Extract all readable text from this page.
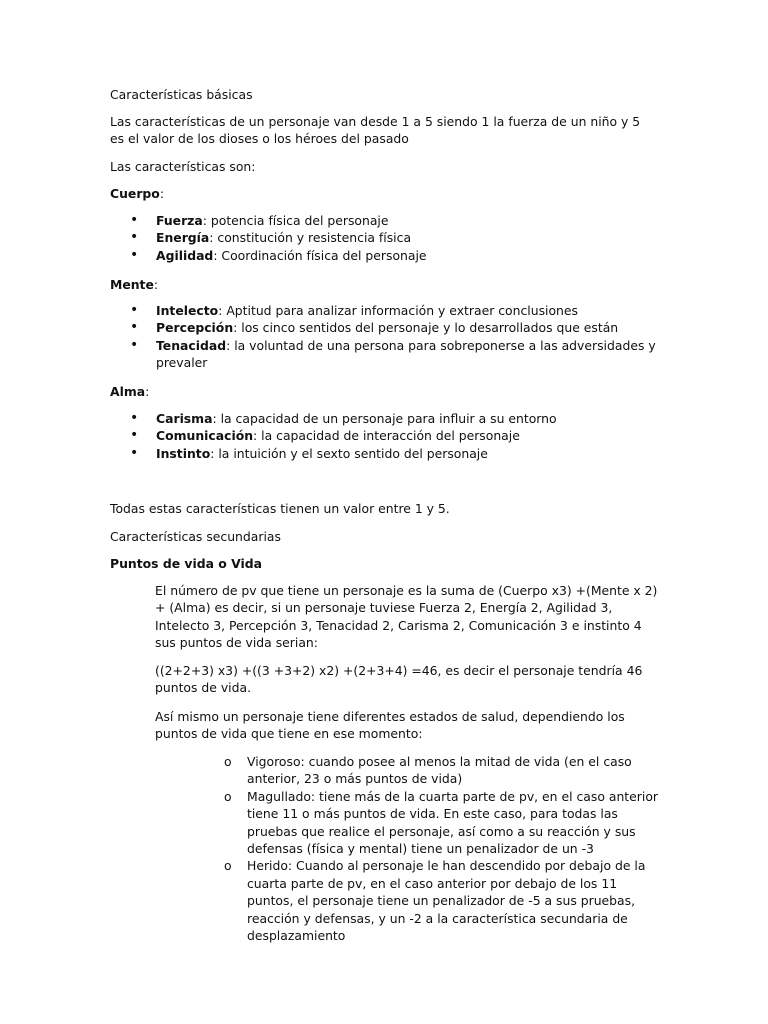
Características básicas

Las características de un personaje van desde 1 a 5 siendo 1 la fuerza de un niño y 5 es el valor de los dioses o los héroes del pasado

Las características son:

Cuerpo:

• Fuerza: potencia física del personaje
• Energía: constitución y resistencia física
• Agilidad: Coordinación física del personaje

Mente:

• Intelecto: Aptitud para analizar información y extraer conclusiones
• Percepción: los cinco sentidos del personaje y lo desarrollados que están
• Tenacidad: la voluntad de una persona para sobreponerse a las adversidades y prevaler

Alma:

• Carisma: la capacidad de un personaje para influir a su entorno
• Comunicación: la capacidad de interacción del personaje
• Instinto: la intuición y el sexto sentido del personaje

Todas estas características tienen un valor entre 1 y 5.

Características secundarias

Puntos de vida o Vida

El número de pv que tiene un personaje es la suma de (Cuerpo x3) +(Mente x 2) + (Alma) es decir, si un personaje tuviese Fuerza 2, Energía 2, Agilidad 3, Intelecto 3, Percepción 3, Tenacidad 2, Carisma 2, Comunicación 3 e instinto 4 sus puntos de vida serian:

((2+2+3) x3) +((3 +3+2) x2) +(2+3+4) =46, es decir el personaje tendría 46 puntos de vida.

Así mismo un personaje tiene diferentes estados de salud, dependiendo los puntos de vida que tiene en ese momento:

o Vigoroso: cuando posee al menos la mitad de vida (en el caso anterior, 23 o más puntos de vida)
o Magullado: tiene más de la cuarta parte de pv, en el caso anterior tiene 11 o más puntos de vida. En este caso, para todas las pruebas que realice el personaje, así como a su reacción y sus defensas (física y mental) tiene un penalizador de un -3
o Herido: Cuando al personaje le han descendido por debajo de la cuarta parte de pv, en el caso anterior por debajo de los 11 puntos, el personaje tiene un penalizador de -5 a sus pruebas, reacción y defensas, y un -2 a la característica secundaria de desplazamiento
